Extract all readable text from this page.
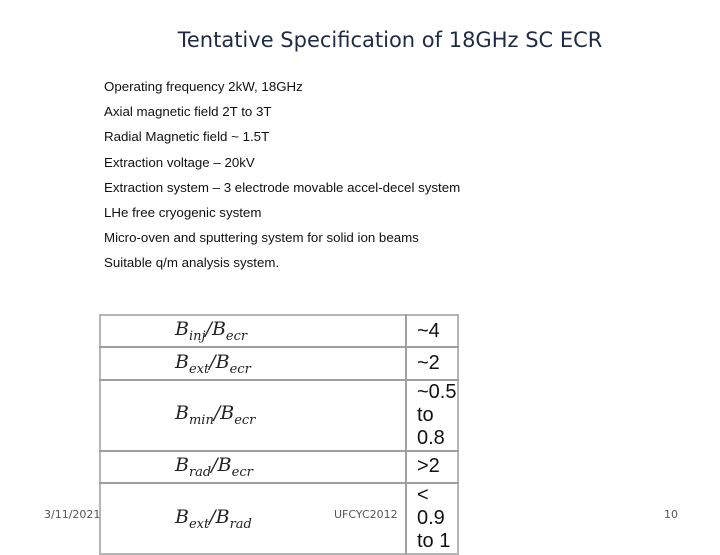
Tentative Specification of 18GHz SC ECR
Operating frequency 2kW, 18GHz
Axial magnetic field 2T to 3T
Radial Magnetic field ~ 1.5T
Extraction voltage – 20kV
Extraction system – 3 electrode movable accel-decel system
LHe free cryogenic system
Micro-oven and sputtering system for solid ion beams
Suitable q/m analysis system.
$B_{inj}/B_{ecr}$	~4
$B_{ext}/B_{ecr}$	~2
$B_{min}/B_{ecr}$	~0.5 to 0.8
$B_{rad}/B_{ecr}$	>2
$B_{ext}/B_{rad}$	< 0.9 to 1
3/11/2021	UFCYC2012	10
